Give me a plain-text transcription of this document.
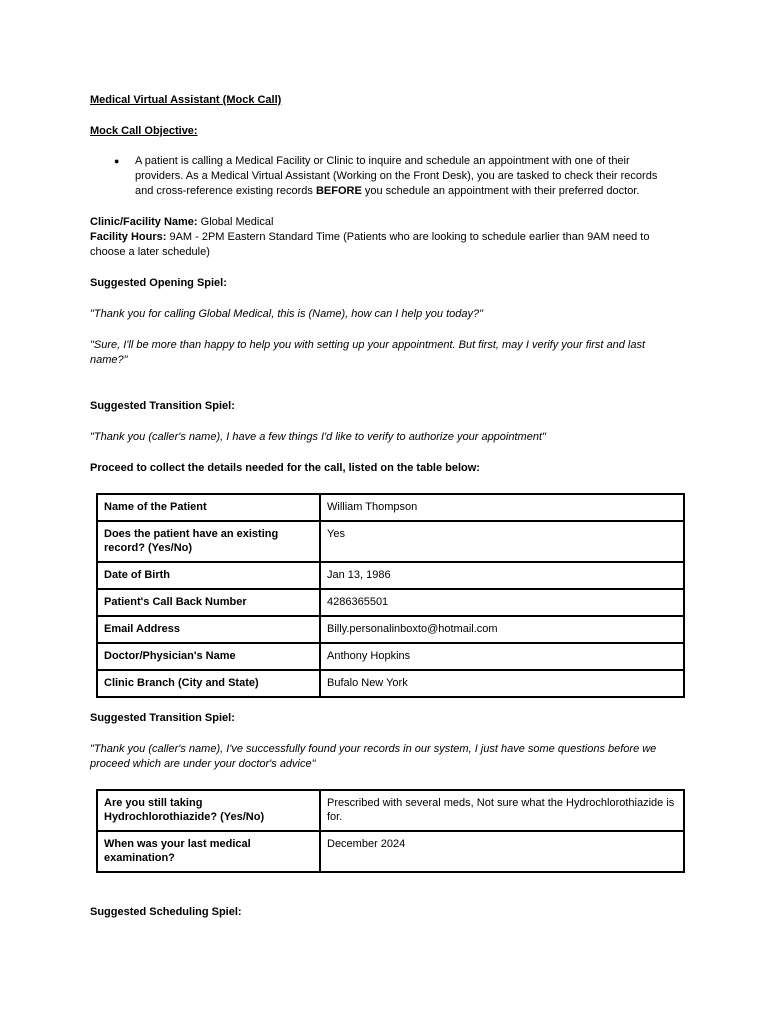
Medical Virtual Assistant (Mock Call)

Mock Call Objective:

●	A patient is calling a Medical Facility or Clinic to inquire and schedule an appointment with one of their providers. As a Medical Virtual Assistant (Working on the Front Desk), you are tasked to check their records and cross-reference existing records BEFORE you schedule an appointment with their preferred doctor.

Clinic/Facility Name: Global Medical

Facility Hours: 9AM - 2PM Eastern Standard Time (Patients who are looking to schedule earlier than 9AM need to choose a later schedule)

Suggested Opening Spiel:

"Thank you for calling Global Medical, this is (Name), how can I help you today?"

"Sure, I'll be more than happy to help you with setting up your appointment. But first, may I verify your first and last name?"

Suggested Transition Spiel:

"Thank you (caller's name), I have a few things I'd like to verify to authorize your appointment"

Proceed to collect the details needed for the call, listed on the table below:

Name of the Patient	William Thompson
Does the patient have an existing record? (Yes/No)	Yes
Date of Birth	Jan 13, 1986
Patient's Call Back Number	4286365501
Email Address	Billy.personalinboxto@hotmail.com
Doctor/Physician's Name	Anthony Hopkins
Clinic Branch (City and State)	Bufalo New York

Suggested Transition Spiel:

"Thank you (caller's name), I've successfully found your records in our system, I just have some questions before we proceed which are under your doctor's advice"

Are you still taking Hydrochlorothiazide? (Yes/No)	Prescribed with several meds, Not sure what the Hydrochlorothiazide is for.
When was your last medical examination?	December 2024

Suggested Scheduling Spiel:
